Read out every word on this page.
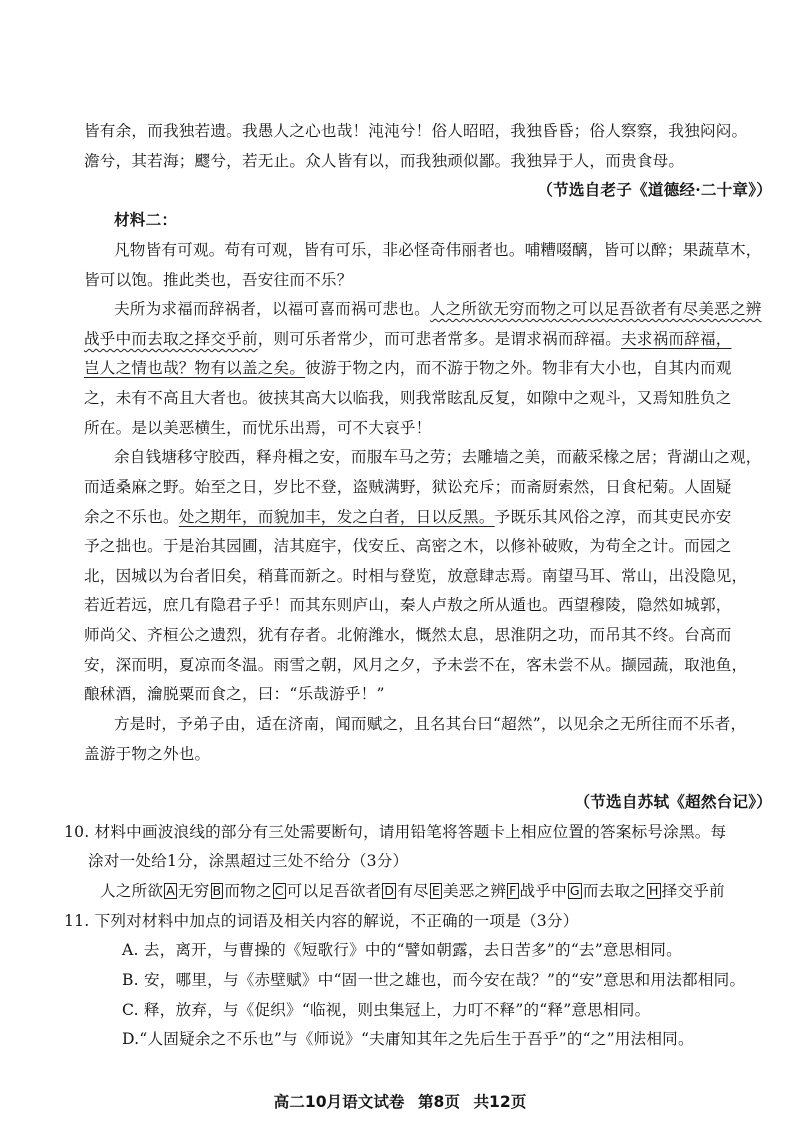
皆有余，而我独若遗。我愚人之心也哉！沌沌兮！俗人昭昭，我独昏昏；俗人察察，我独闷闷。
澹兮，其若海；飂兮，若无止。众人皆有以，而我独顽似鄙。我独异于人，而贵食母。
（节选自老子《道德经·二十章》）
材料二：
凡物皆有可观。苟有可观，皆有可乐，非必怪奇伟丽者也。哺糟啜醨，皆可以醉；果蔬草木，
皆可以饱。推此类也，吾安往而不乐？
夫所为求福而辞祸者，以福可喜而祸可悲也。人之所欲无穷而物之可以足吾欲者有尽美恶之辨
战乎中而去取之择交乎前，则可乐者常少，而可悲者常多。是谓求祸而辞福。夫求祸而辞福，
岂人之情也哉？物有以盖之矣。彼游于物之内，而不游于物之外。物非有大小也，自其内而观
之，未有不高且大者也。彼挟其高大以临我，则我常眩乱反复，如隙中之观斗，又焉知胜负之
所在。是以美恶横生，而忧乐出焉，可不大哀乎！
余自钱塘移守胶西，释舟楫之安，而服车马之劳；去雕墙之美，而蔽采椽之居；背湖山之观，
而适桑麻之野。始至之日，岁比不登，盗贼满野，狱讼充斥；而斋厨索然，日食杞菊。人固疑
余之不乐也。处之期年，而貌加丰，发之白者，日以反黑。予既乐其风俗之淳，而其吏民亦安
予之拙也。于是治其园圃，洁其庭宇，伐安丘、高密之木，以修补破败，为苟全之计。而园之
北，因城以为台者旧矣，稍葺而新之。时相与登览，放意肆志焉。南望马耳、常山，出没隐见，
若近若远，庶几有隐君子乎！而其东则庐山，秦人卢敖之所从遁也。西望穆陵，隐然如城郭，
师尚父、齐桓公之遗烈，犹有存者。北俯潍水，慨然太息，思淮阴之功，而吊其不终。台高而
安，深而明，夏凉而冬温。雨雪之朝，风月之夕，予未尝不在，客未尝不从。撷园蔬，取池鱼，
酿秫酒，瀹脱粟而食之，曰：“乐哉游乎！”
方是时，予弟子由，适在济南，闻而赋之，且名其台曰“超然”，以见余之无所往而不乐者，
盖游于物之外也。
（节选自苏轼《超然台记》）
10. 材料中画波浪线的部分有三处需要断句，请用铅笔将答题卡上相应位置的答案标号涂黑。每
涂对一处给1分，涂黑超过三处不给分（3分）
人之所欲 A 无穷 B 而物之 C 可以足吾欲者 D 有尽 E 美恶之辨 F 战乎中 G 而去取之 H 择交乎前
11. 下列对材料中加点的词语及相关内容的解说，不正确的一项是（3分）
A. 去，离开，与曹操的《短歌行》中的“譬如朝露，去日苦多”的“去”意思相同。
B. 安，哪里，与《赤壁赋》中“固一世之雄也，而今安在哉？”的“安”意思和用法都相同。
C. 释，放弃，与《促织》“临视，则虫集冠上，力叮不释”的“释”意思相同。
D.“人固疑余之不乐也”与《师说》“夫庸知其年之先后生于吾乎”的“之”用法相同。
高二10月语文试卷 第8页 共12页
